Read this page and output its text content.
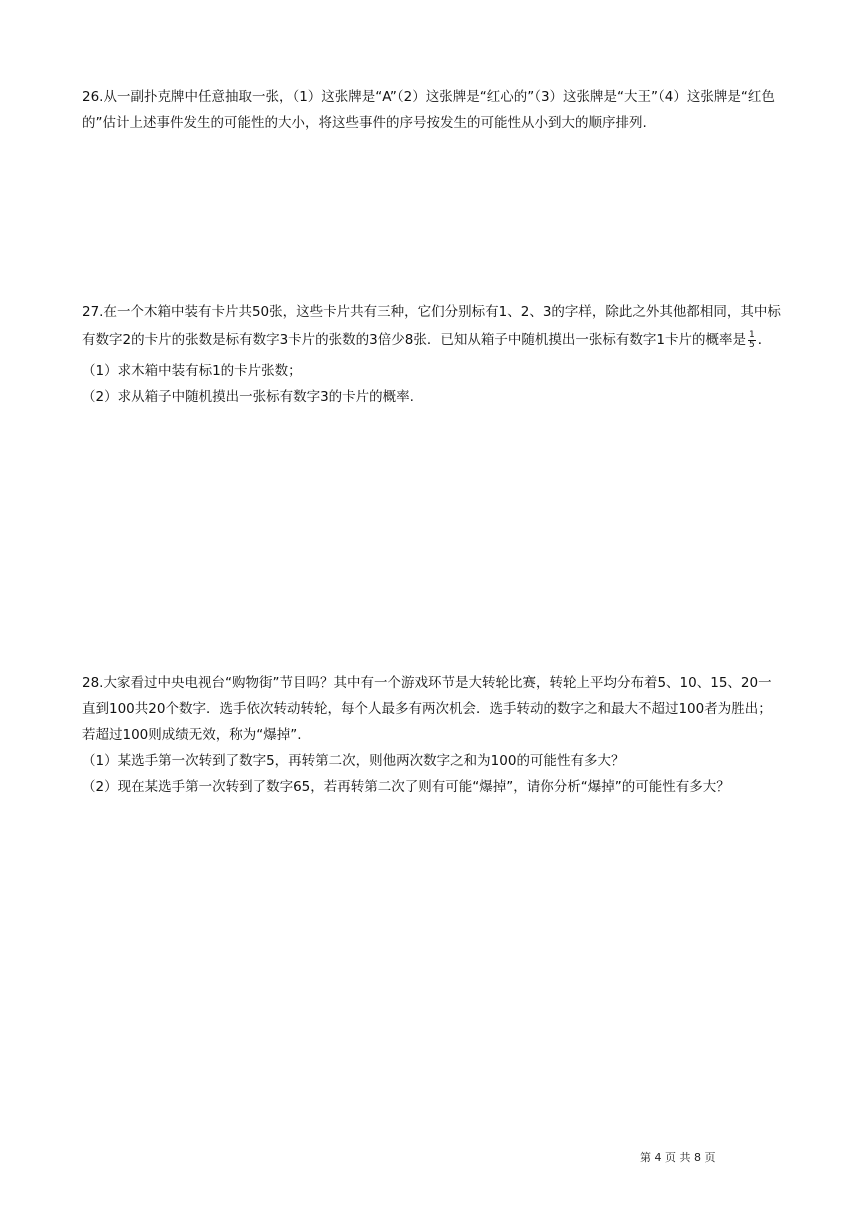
26.从一副扑克牌中任意抽取一张，（1）这张牌是“A”（2）这张牌是“红心的”（3）这张牌是“大王”（4）这张牌是“红色的”估计上述事件发生的可能性的大小，将这些事件的序号按发生的可能性从小到大的顺序排列.

27.在一个木箱中装有卡片共50张，这些卡片共有三种，它们分别标有1、2、3的字样，除此之外其他都相同，其中标有数字2的卡片的张数是标有数字3卡片的张数的3倍少8张．已知从箱子中随机摸出一张标有数字1卡片的概率是 $\frac{1}{5}$ ．

（1）求木箱中装有标1的卡片张数；

（2）求从箱子中随机摸出一张标有数字3的卡片的概率.

28.大家看过中央电视台“购物街”节目吗？其中有一个游戏环节是大转轮比赛，转轮上平均分布着5、10、15、20一直到100共20个数字．选手依次转动转轮，每个人最多有两次机会．选手转动的数字之和最大不超过100者为胜出；若超过100则成绩无效，称为“爆掉”.

（1）某选手第一次转到了数字5，再转第二次，则他两次数字之和为100的可能性有多大？

（2）现在某选手第一次转到了数字65，若再转第二次了则有可能“爆掉”，请你分析“爆掉”的可能性有多大？

第 4 页 共 8 页
